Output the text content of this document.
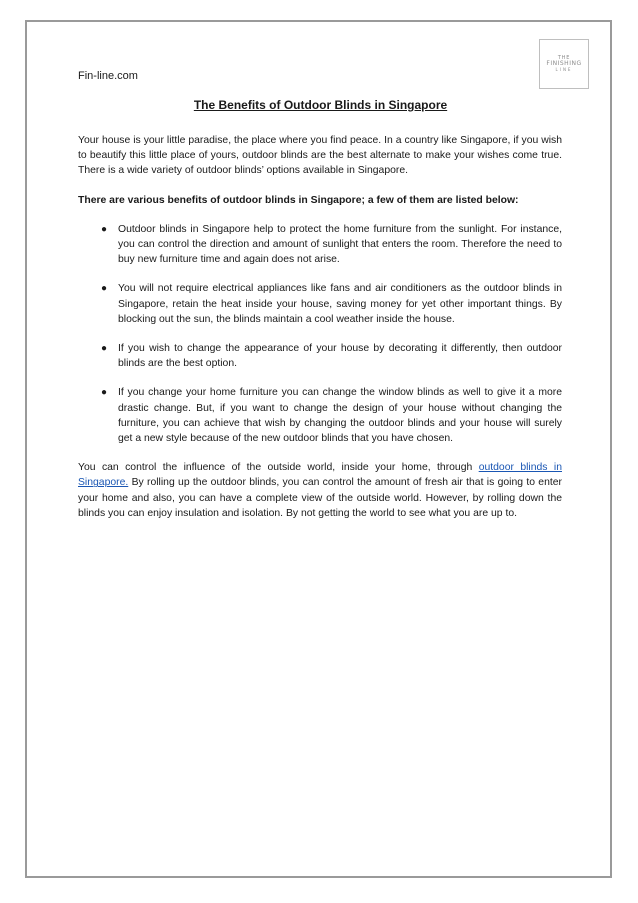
THE
FINISHING
LINE
Fin-line.com
The Benefits of Outdoor Blinds in Singapore

Your house is your little paradise, the place where you find peace. In a country like Singapore, if you wish to beautify this little place of yours, outdoor blinds are the best alternate to make your wishes come true. There is a wide variety of outdoor blinds’ options available in Singapore.

There are various benefits of outdoor blinds in Singapore; a few of them are listed below:

● Outdoor blinds in Singapore help to protect the home furniture from the sunlight. For instance, you can control the direction and amount of sunlight that enters the room. Therefore the need to buy new furniture time and again does not arise.
● You will not require electrical appliances like fans and air conditioners as the outdoor blinds in Singapore, retain the heat inside your house, saving money for yet other important things. By blocking out the sun, the blinds maintain a cool weather inside the house.
● If you wish to change the appearance of your house by decorating it differently, then outdoor blinds are the best option.
● If you change your home furniture you can change the window blinds as well to give it a more drastic change. But, if you want to change the design of your house without changing the furniture, you can achieve that wish by changing the outdoor blinds and your house will surely get a new style because of the new outdoor blinds that you have chosen.

You can control the influence of the outside world, inside your home, through outdoor blinds in Singapore. By rolling up the outdoor blinds, you can control the amount of fresh air that is going to enter your home and also, you can have a complete view of the outside world. However, by rolling down the blinds you can enjoy insulation and isolation. By not getting the world to see what you are up to.
